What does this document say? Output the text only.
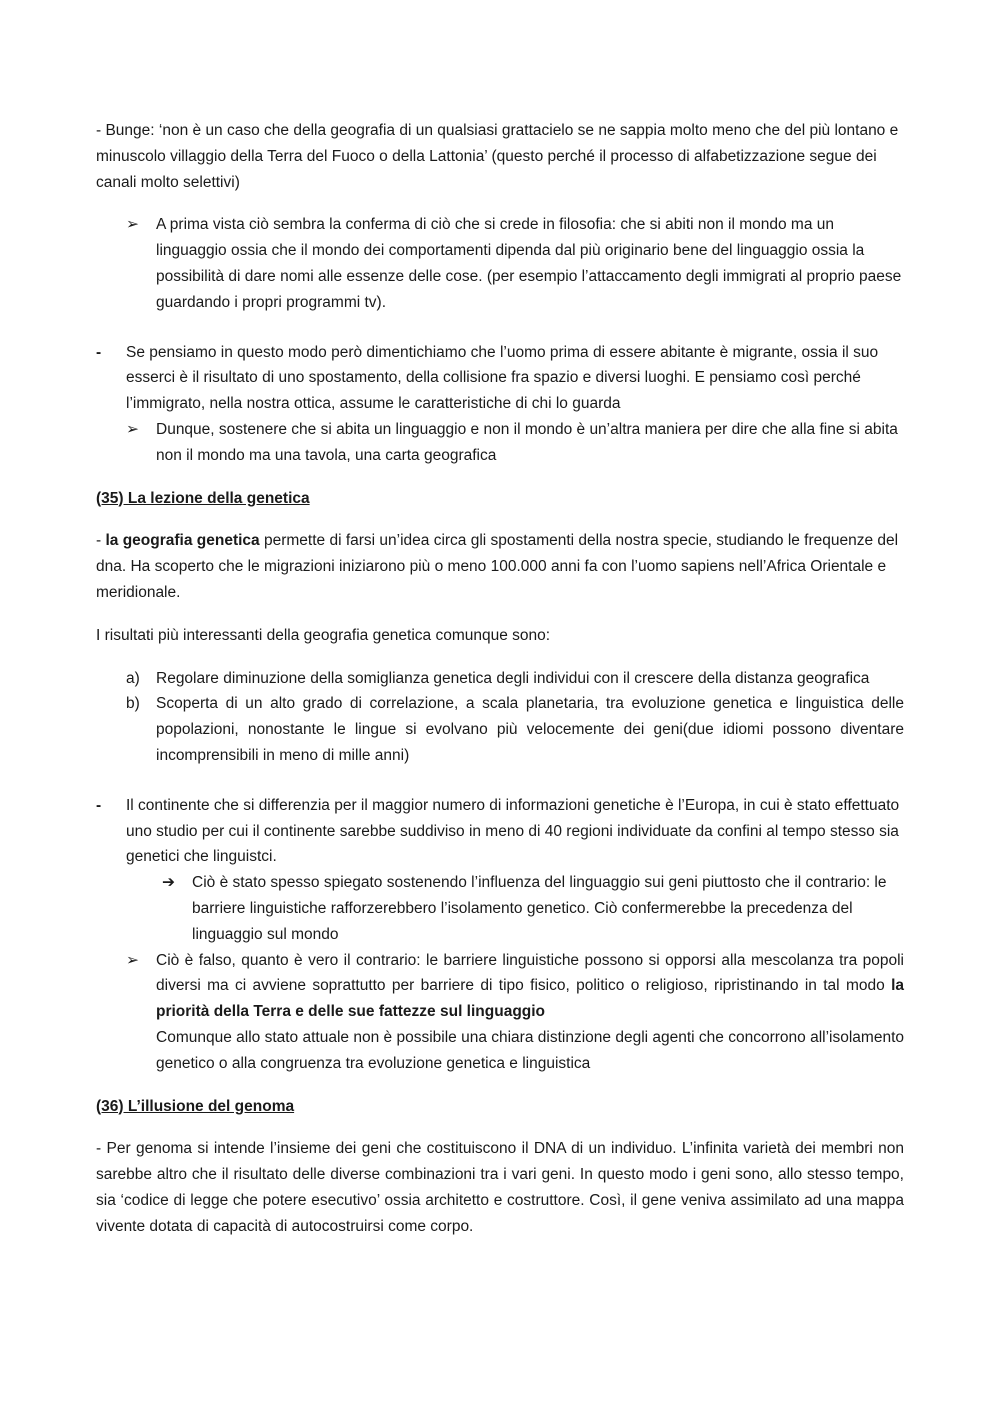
- Bunge: ‘non è un caso che della geografia di un qualsiasi grattacielo se ne sappia molto meno che del più lontano e minuscolo villaggio della Terra del Fuoco o della Lattonia’ (questo perché il processo di alfabetizzazione segue dei canali molto selettivi)

➢	A prima vista ciò sembra la conferma di ciò che si crede in filosofia: che si abiti non il mondo ma un linguaggio ossia che il mondo dei comportamenti dipenda dal più originario bene del linguaggio ossia la possibilità di dare nomi alle essenze delle cose. (per esempio l’attaccamento degli immigrati al proprio paese guardando i propri programmi tv).
-	Se pensiamo in questo modo però dimentichiamo che l’uomo prima di essere abitante è migrante, ossia il suo esserci è il risultato di uno spostamento, della collisione fra spazio e diversi luoghi. E pensiamo così perché l’immigrato, nella nostra ottica, assume le caratteristiche di chi lo guarda
➢	Dunque, sostenere che si abita un linguaggio e non il mondo è un’altra maniera per dire che alla fine si abita non il mondo ma una tavola, una carta geografica
(35) La lezione della genetica

- la geografia genetica permette di farsi un’idea circa gli spostamenti della nostra specie, studiando le frequenze del dna. Ha scoperto che le migrazioni iniziarono più o meno 100.000 anni fa con l’uomo sapiens nell’Africa Orientale e meridionale.

I risultati più interessanti della geografia genetica comunque sono:

a)	Regolare diminuzione della somiglianza genetica degli individui con il crescere della distanza geografica
b)	Scoperta di un alto grado di correlazione, a scala planetaria, tra evoluzione genetica e linguistica delle popolazioni, nonostante le lingue si evolvano più velocemente dei geni(due idiomi possono diventare incomprensibili in meno di mille anni)
-	Il continente che si differenzia per il maggior numero di informazioni genetiche è l’Europa, in cui è stato effettuato uno studio per cui il continente sarebbe suddiviso in meno di 40 regioni individuate da confini al tempo stesso sia genetici che linguistci.
➔	Ciò è stato spesso spiegato sostenendo l’influenza del linguaggio sui geni piuttosto che il contrario: le barriere linguistiche rafforzerebbero l’isolamento genetico. Ciò confermerebbe la precedenza del linguaggio sul mondo
➢	Ciò è falso, quanto è vero il contrario: le barriere linguistiche possono si opporsi alla mescolanza tra popoli diversi ma ci avviene soprattutto per barriere di tipo fisico, politico o religioso, ripristinando in tal modo la priorità della Terra e delle sue fattezze sul linguaggio
Comunque allo stato attuale non è possibile una chiara distinzione degli agenti che concorrono all’isolamento genetico o alla congruenza tra evoluzione genetica e linguistica
(36) L’illusione del genoma

- Per genoma si intende l’insieme dei geni che costituiscono il DNA di un individuo. L’infinita varietà dei membri non sarebbe altro che il risultato delle diverse combinazioni tra i vari geni. In questo modo i geni sono, allo stesso tempo, sia ‘codice di legge che potere esecutivo’ ossia architetto e costruttore. Così, il gene veniva assimilato ad una mappa vivente dotata di capacità di autocostruirsi come corpo.
